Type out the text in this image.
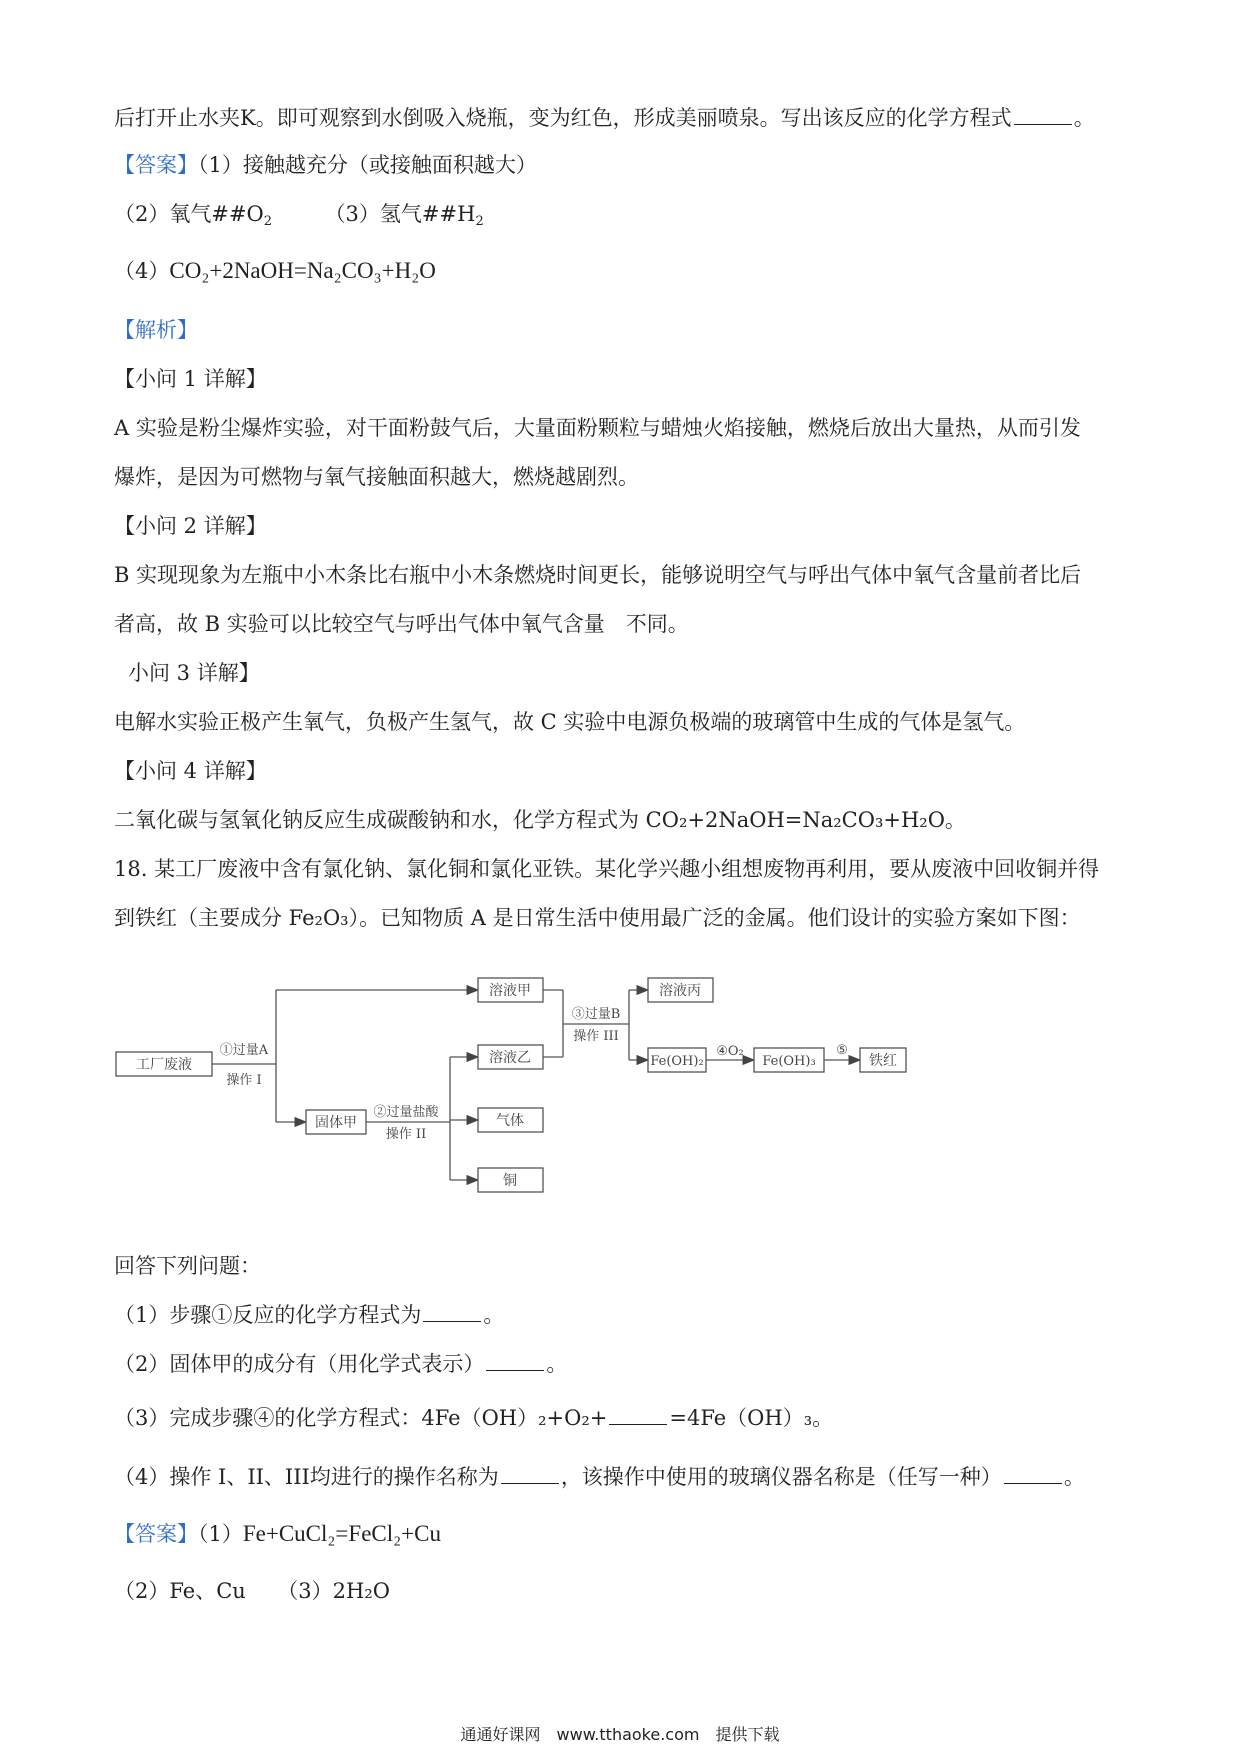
后打开止水夹K。即可观察到水倒吸入烧瓶，变为红色，形成美丽喷泉。写出该反应的化学方程式	。
【答案】（1）接触越充分（或接触面积越大）
（2）氧气$\#\#O_2$　　　	（3）氢气$\#\#H_2$
（4）CO₂+2NaOH=Na₂CO₃+H₂O
【解析】
【小问 1 详解】
A 实验是粉尘爆炸实验，对干面粉鼓气后，大量面粉颗粒与蜡烛火焰接触，燃烧后放出大量热，从而引发
爆炸，是因为可燃物与氧气接触面积越大，燃烧越剧烈。
【小问 2 详解】
B 实现现象为左瓶中小木条比右瓶中小木条燃烧时间更长，能够说明空气与呼出气体中氧气含量前者比后
者高，故 B 实验可以比较空气与呼出气体中氧气含量　不同。
小问 3 详解】
电解水实验正极产生氧气，负极产生氢气，故 C 实验中电源负极端的玻璃管中生成的气体是氢气。
【小问 4 详解】
二氧化碳与氢氧化钠反应生成碳酸钠和水，化学方程式为 CO₂+2NaOH=Na₂CO₃+H₂O。
18. 某工厂废液中含有氯化钠、氯化铜和氯化亚铁。某化学兴趣小组想废物再利用，要从废液中回收铜并得
到铁红（主要成分 Fe₂O₃）。已知物质 A 是日常生活中使用最广泛的金属。他们设计的实验方案如下图：
工厂废液
溶液甲
固体甲
溶液乙
气体
铜
溶液丙
Fe(OH)₂	Fe(OH)₃	铁红
①过量A
操作 I
②过量盐酸
操作 II
③过量B
操作 III
④O₂	⑤
回答下列问题：
（1）步骤①反应的化学方程式为	。
（2）固体甲的成分有（用化学式表示）	。
（3）完成步骤④的化学方程式：4Fe（OH）₂+O₂+	=4Fe（OH）₃。
（4）操作 I、II、III均进行的操作名称为	，该操作中使用的玻璃仪器名称是（任写一种）	。
【答案】（1）Fe+CuCl₂=FeCl₂+Cu
（2）Fe、Cu　　（3）2H₂O
通通好课网　www.tthaoke.com　提供下载
